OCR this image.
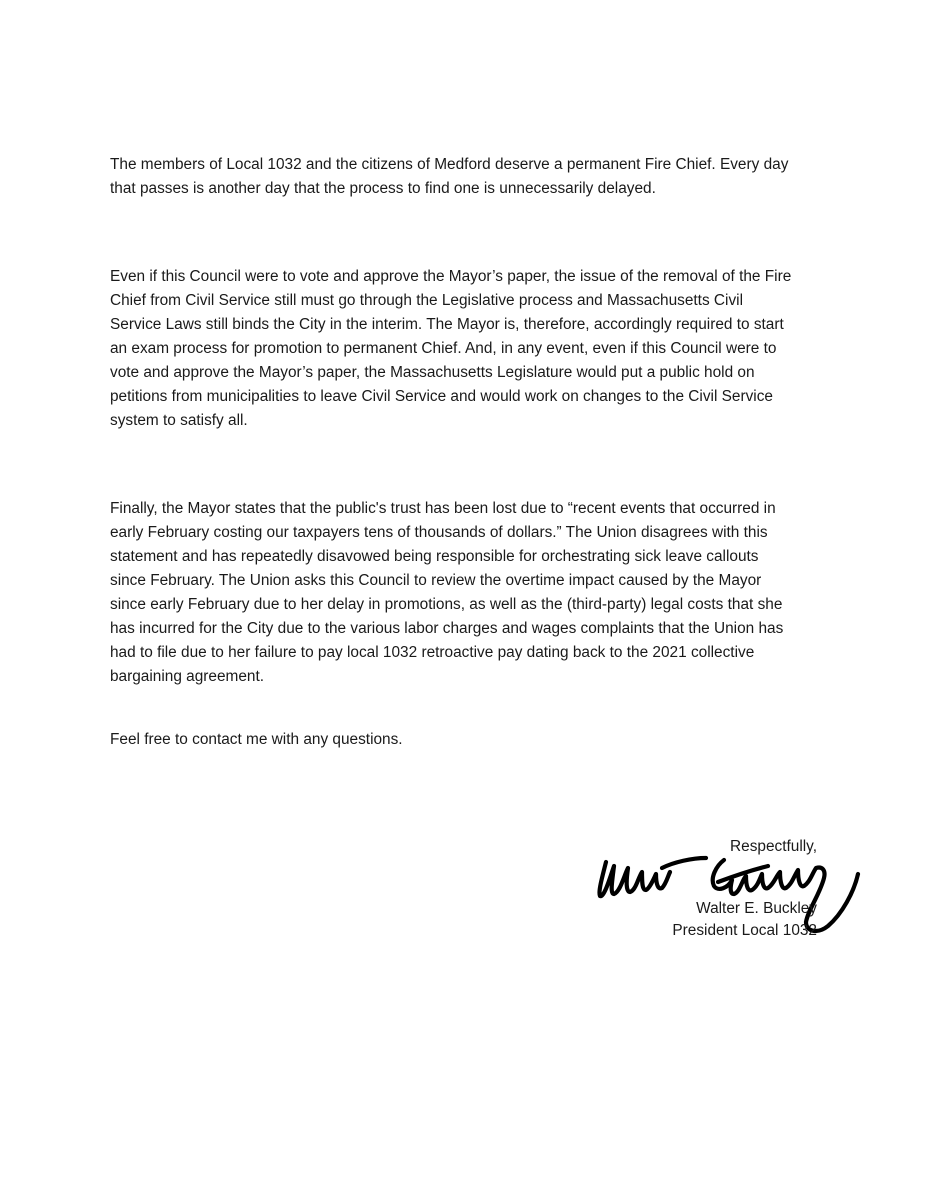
The members of Local 1032 and the citizens of Medford deserve a permanent Fire Chief. Every day
that passes is another day that the process to find one is unnecessarily delayed.
Even if this Council were to vote and approve the Mayor’s paper, the issue of the removal of the Fire
Chief from Civil Service still must go through the Legislative process and Massachusetts Civil
Service Laws still binds the City in the interim. The Mayor is, therefore, accordingly required to start
an exam process for promotion to permanent Chief. And, in any event, even if this Council were to
vote and approve the Mayor’s paper, the Massachusetts Legislature would put a public hold on
petitions from municipalities to leave Civil Service and would work on changes to the Civil Service
system to satisfy all.
Finally, the Mayor states that the public's trust has been lost due to “recent events that occurred in
early February costing our taxpayers tens of thousands of dollars.” The Union disagrees with this
statement and has repeatedly disavowed being responsible for orchestrating sick leave callouts
since February. The Union asks this Council to review the overtime impact caused by the Mayor
since early February due to her delay in promotions, as well as the (third-party) legal costs that she
has incurred for the City due to the various labor charges and wages complaints that the Union has
had to file due to her failure to pay local 1032 retroactive pay dating back to the 2021 collective
bargaining agreement.
Feel free to contact me with any questions.
Respectfully,
Walter E. Buckley
President Local 1032
